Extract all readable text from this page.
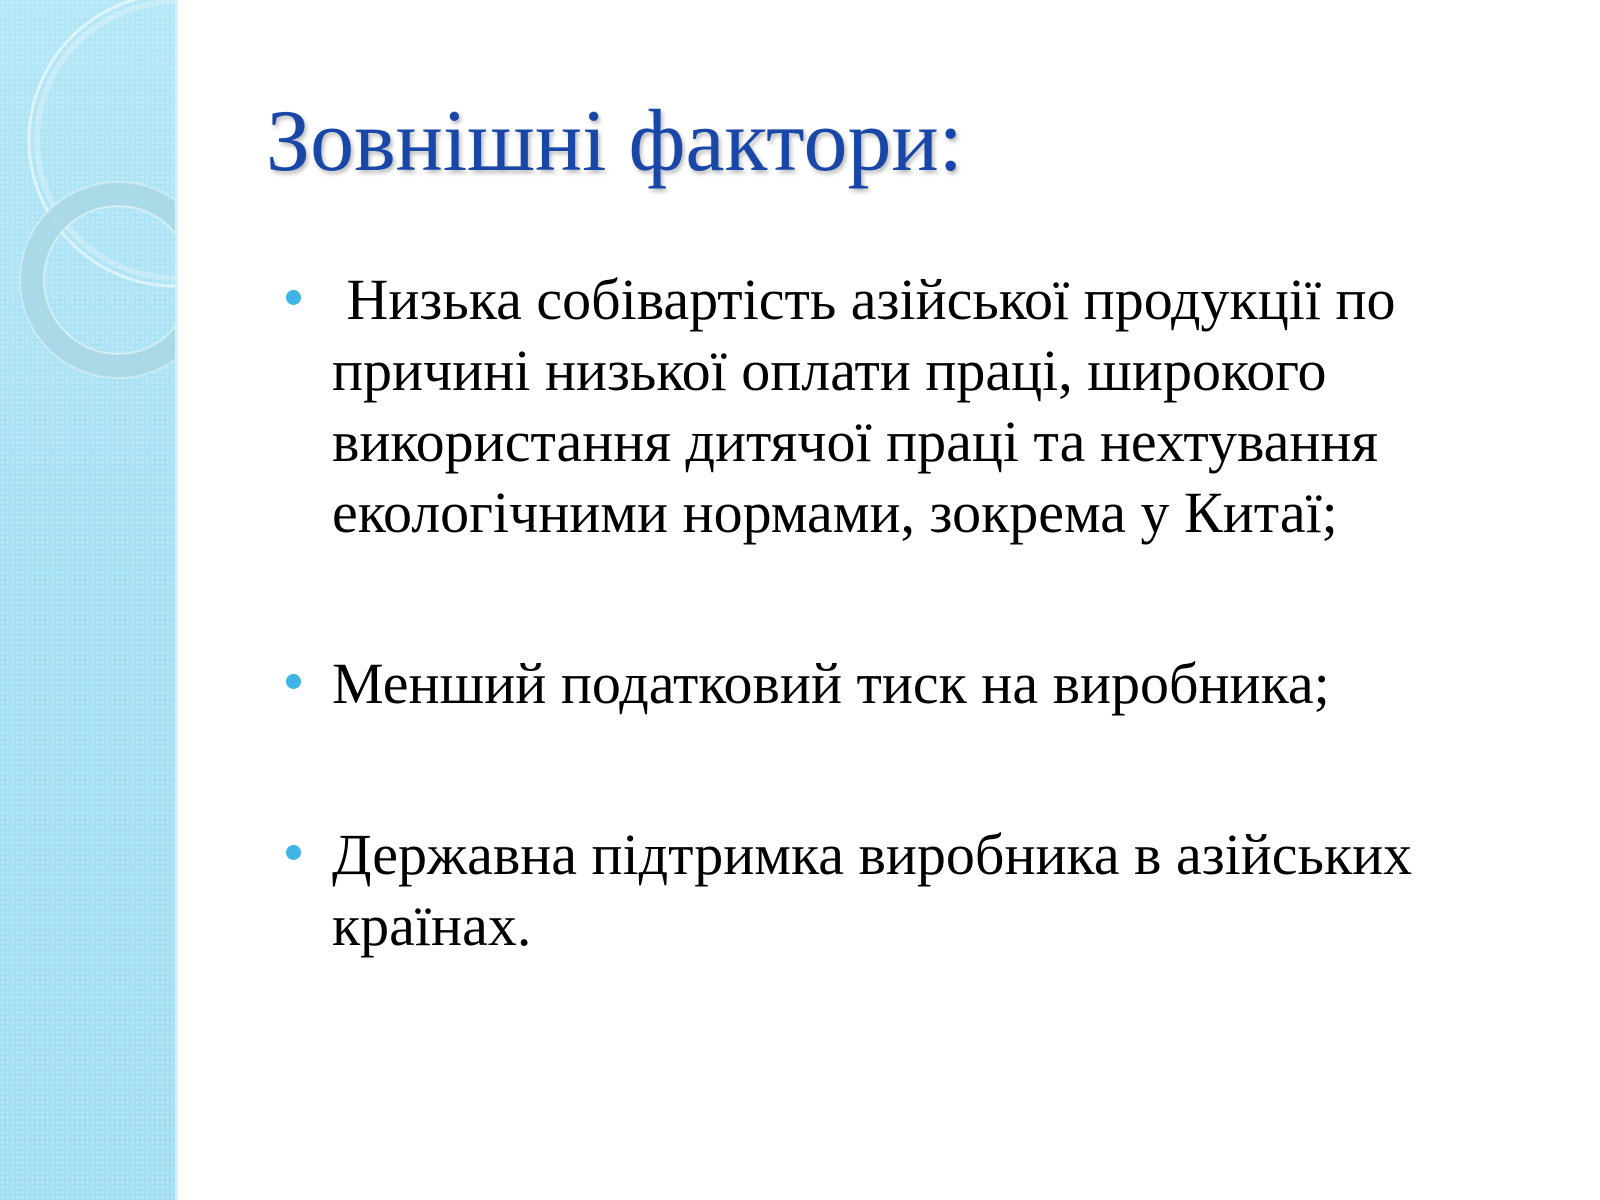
Зовнішні фактори:
Низька собівартість азійської продукції по причині низької оплати праці, широкого використання дитячої праці та нехтування екологічними нормами, зокрема у Китаї;
Менший податковий тиск на виробника;
Державна підтримка виробника в азійських країнах.
